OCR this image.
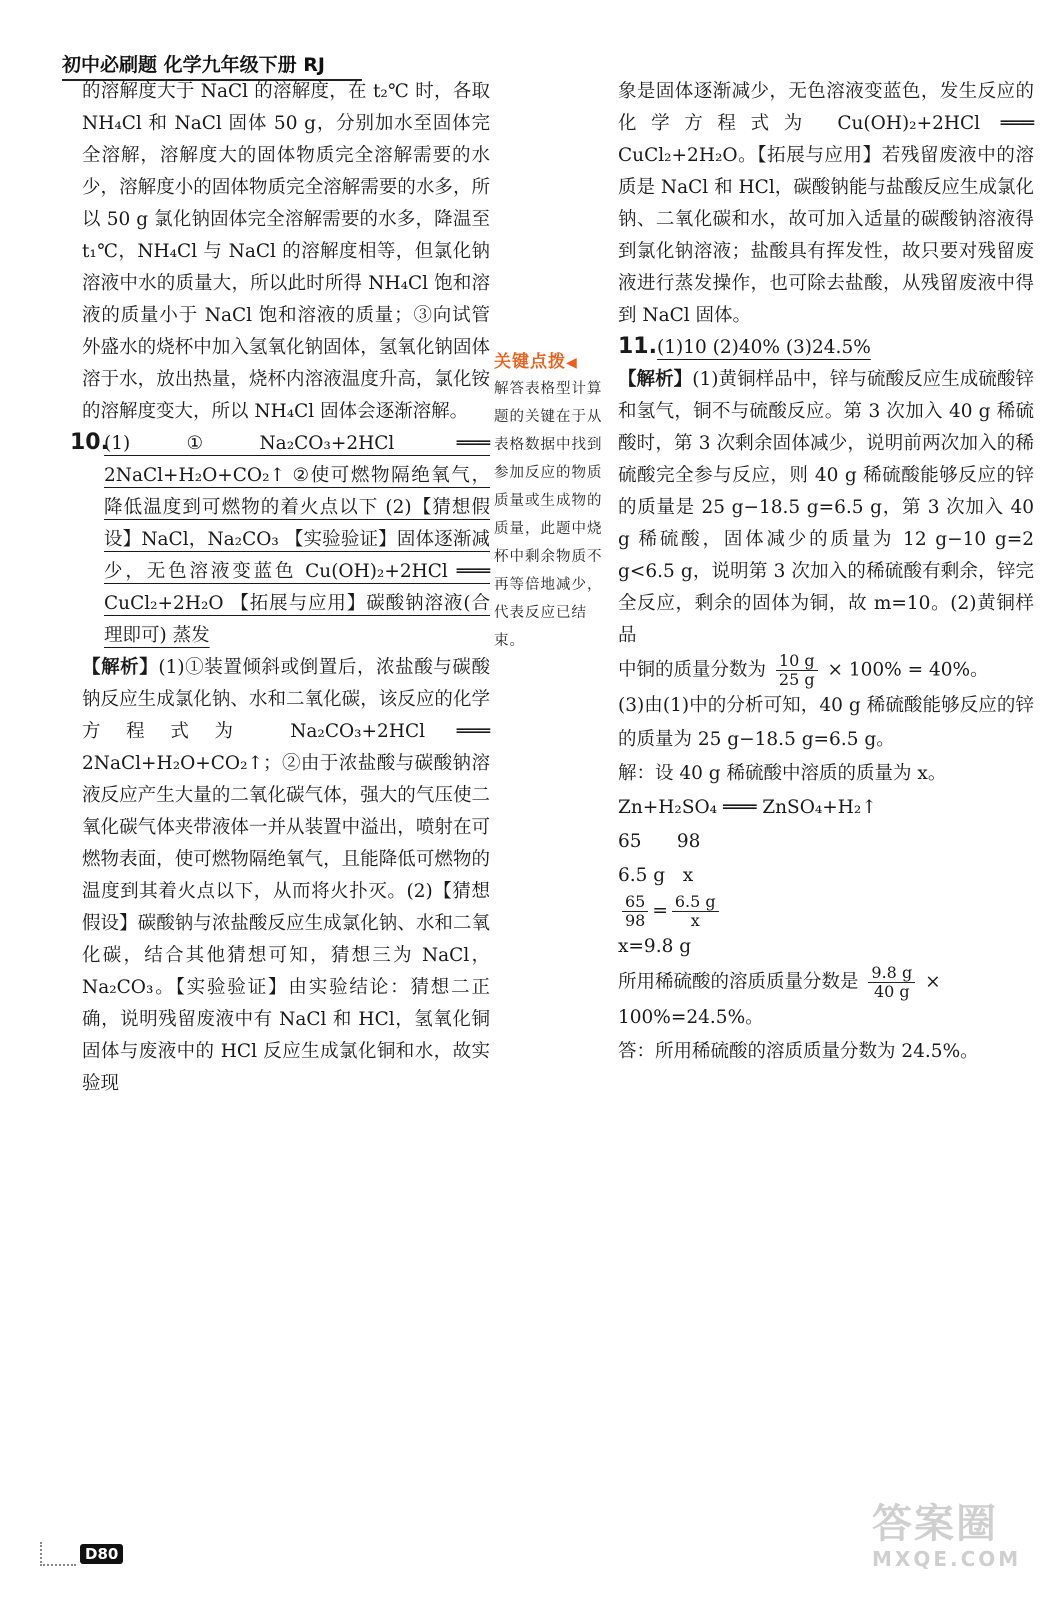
初中必刷题 化学九年级下册 RJ

的溶解度大于 NaCl 的溶解度，在 t₂℃ 时，各取 NH₄Cl 和 NaCl 固体 50 g，分别加水至固体完全溶解，溶解度大的固体物质完全溶解需要的水少，溶解度小的固体物质完全溶解需要的水多，所以 50 g 氯化钠固体完全溶解需要的水多，降温至 t₁℃，NH₄Cl 与 NaCl 的溶解度相等，但氯化钠溶液中水的质量大，所以此时所得 NH₄Cl 饱和溶液的质量小于 NaCl 饱和溶液的质量；③向试管外盛水的烧杯中加入氢氧化钠固体，氢氧化钠固体溶于水，放出热量，烧杯内溶液温度升高，氯化铵的溶解度变大，所以 NH₄Cl 固体会逐渐溶解。

10.

(1)①Na₂CO₃+2HCl ═══ 2NaCl+H₂O+CO₂↑ ②使可燃物隔绝氧气，降低温度到可燃物的着火点以下 (2)【猜想假设】NaCl，Na₂CO₃ 【实验验证】固体逐渐减少，无色溶液变蓝色 Cu(OH)₂+2HCl ═══ CuCl₂+2H₂O 【拓展与应用】碳酸钠溶液(合理即可) 蒸发

【解析】(1)①装置倾斜或倒置后，浓盐酸与碳酸钠反应生成氯化钠、水和二氧化碳，该反应的化学方程式为 Na₂CO₃+2HCl ═══ 2NaCl+H₂O+CO₂↑；②由于浓盐酸与碳酸钠溶液反应产生大量的二氧化碳气体，强大的气压使二氧化碳气体夹带液体一并从装置中溢出，喷射在可燃物表面，使可燃物隔绝氧气，且能降低可燃物的温度到其着火点以下，从而将火扑灭。(2)【猜想假设】碳酸钠与浓盐酸反应生成氯化钠、水和二氧化碳，结合其他猜想可知，猜想三为 NaCl，Na₂CO₃。【实验验证】由实验结论：猜想二正确，说明残留废液中有 NaCl 和 HCl，氢氧化铜固体与废液中的 HCl 反应生成氯化铜和水，故实验现

关键点拨◀
解答表格型计算题的关键在于从表格数据中找到参加反应的物质质量或生成物的质量，此题中烧杯中剩余物质不再等倍地减少，代表反应已结束。

象是固体逐渐减少，无色溶液变蓝色，发生反应的化学方程式为 Cu(OH)₂+2HCl ═══ CuCl₂+2H₂O。【拓展与应用】若残留废液中的溶质是 NaCl 和 HCl，碳酸钠能与盐酸反应生成氯化钠、二氧化碳和水，故可加入适量的碳酸钠溶液得到氯化钠溶液；盐酸具有挥发性，故只要对残留废液进行蒸发操作，也可除去盐酸，从残留废液中得到 NaCl 固体。

11. (1)10 (2)40% (3)24.5%

【解析】(1)黄铜样品中，锌与硫酸反应生成硫酸锌和氢气，铜不与硫酸反应。第 3 次加入 40 g 稀硫酸时，第 3 次剩余固体减少，说明前两次加入的稀硫酸完全参与反应，则 40 g 稀硫酸能够反应的锌的质量是 25 g−18.5 g=6.5 g，第 3 次加入 40 g 稀硫酸，固体减少的质量为 12 g−10 g=2 g<6.5 g，说明第 3 次加入的稀硫酸有剩余，锌完全反应，剩余的固体为铜，故 m=10。(2)黄铜样品

中铜的质量分数为 $\frac{10 g}{25 g} \times 100\% = 40\%$。

(3)由(1)中的分析可知，40 g 稀硫酸能够反应的锌的质量为 25 g−18.5 g=6.5 g。

解：设 40 g 稀硫酸中溶质的质量为 x。

Zn+H₂SO₄ ═══ ZnSO₄+H₂↑

65      98

6.5 g   x

$\frac{65}{98} = \frac{6.5 g}{x}$

x=9.8 g

所用稀硫酸的溶质质量分数是 $\frac{9.8 g}{40 g}$ ×

100%=24.5%。

答：所用稀硫酸的溶质质量分数为 24.5%。

D80
答案圈
MXQE.COM
